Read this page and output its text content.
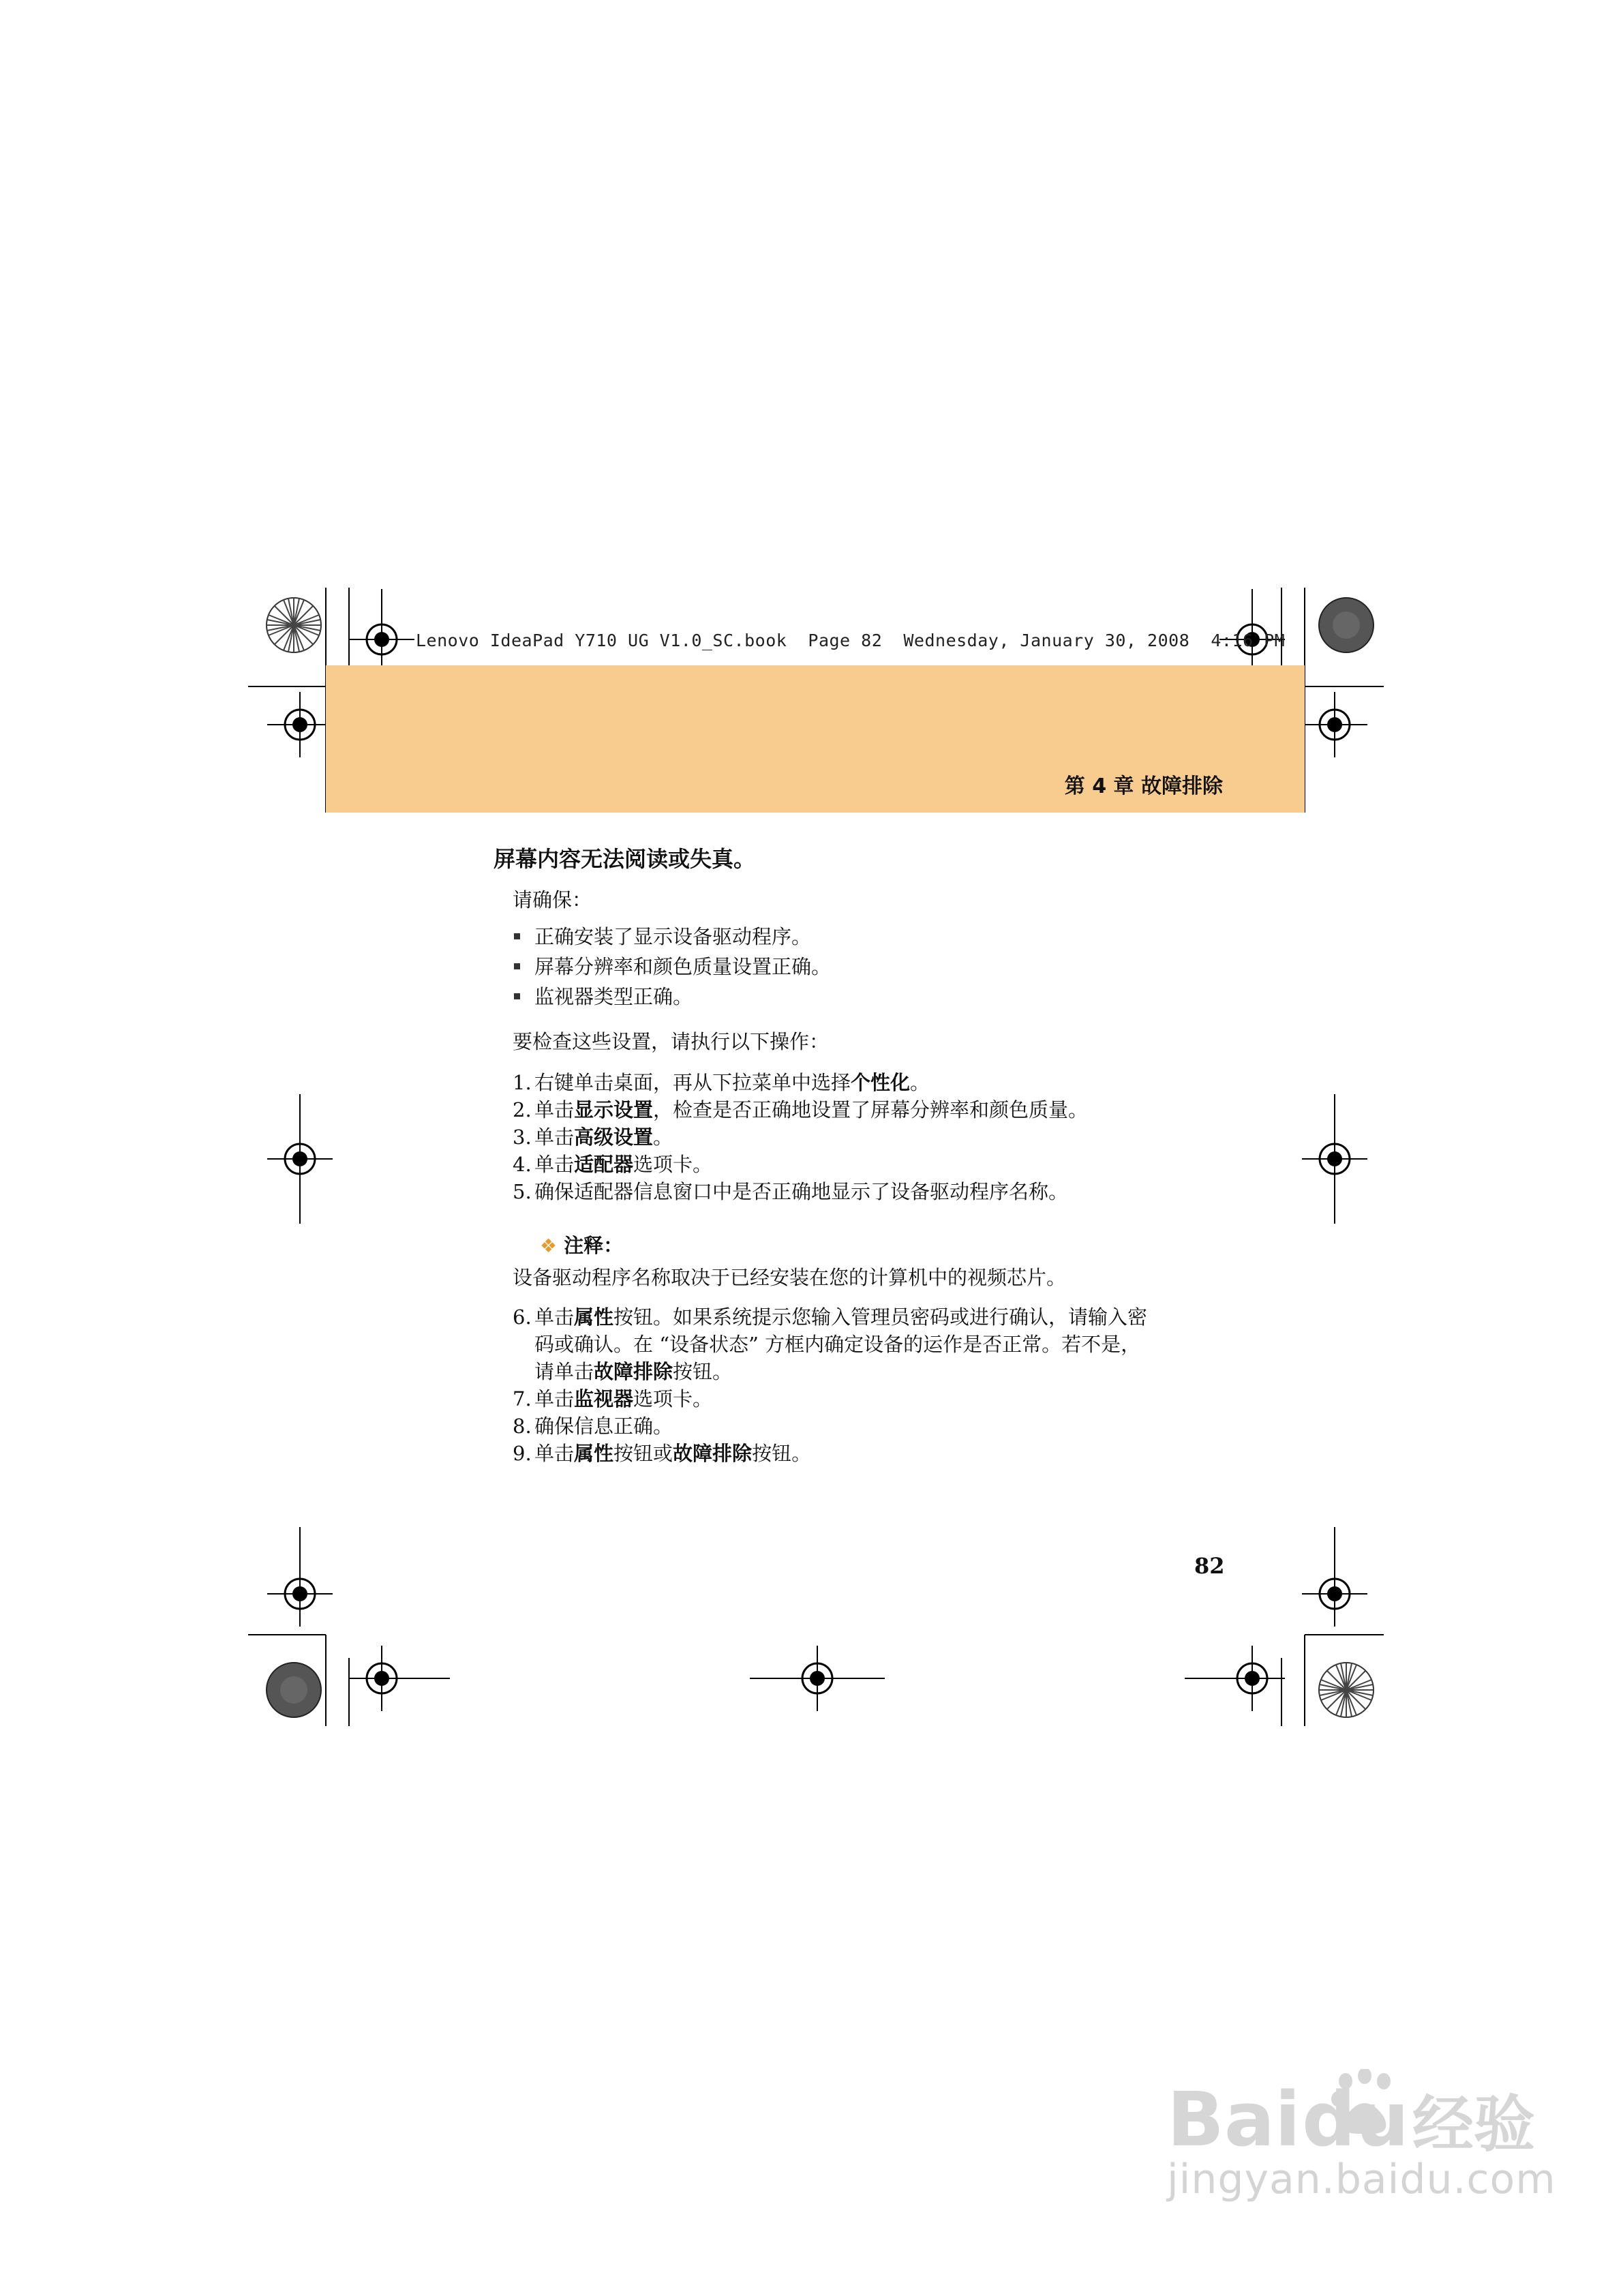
Lenovo IdeaPad Y710 UG V1.0_SC.book  Page 82  Wednesday, January 30, 2008  4:16 PM
第 4 章 故障排除
屏幕内容无法阅读或失真。
请确保：
正确安装了显示设备驱动程序。
屏幕分辨率和颜色质量设置正确。
监视器类型正确。
要检查这些设置，请执行以下操作：
1. 右键单击桌面，再从下拉菜单中选择个性化。
2. 单击显示设置，检查是否正确地设置了屏幕分辨率和颜色质量。
3. 单击高级设置。
4. 单击适配器选项卡。
5. 确保适配器信息窗口中是否正确地显示了设备驱动程序名称。
❖ 注释：
设备驱动程序名称取决于已经安装在您的计算机中的视频芯片。
6. 单击属性按钮。如果系统提示您输入管理员密码或进行确认，请输入密
码或确认。在 “设备状态” 方框内确定设备的运作是否正常。若不是，
请单击故障排除按钮。
7. 单击监视器选项卡。
8. 确保信息正确。
9. 单击属性按钮或故障排除按钮。
82
Bai du 经验
jingyan.baidu.com
